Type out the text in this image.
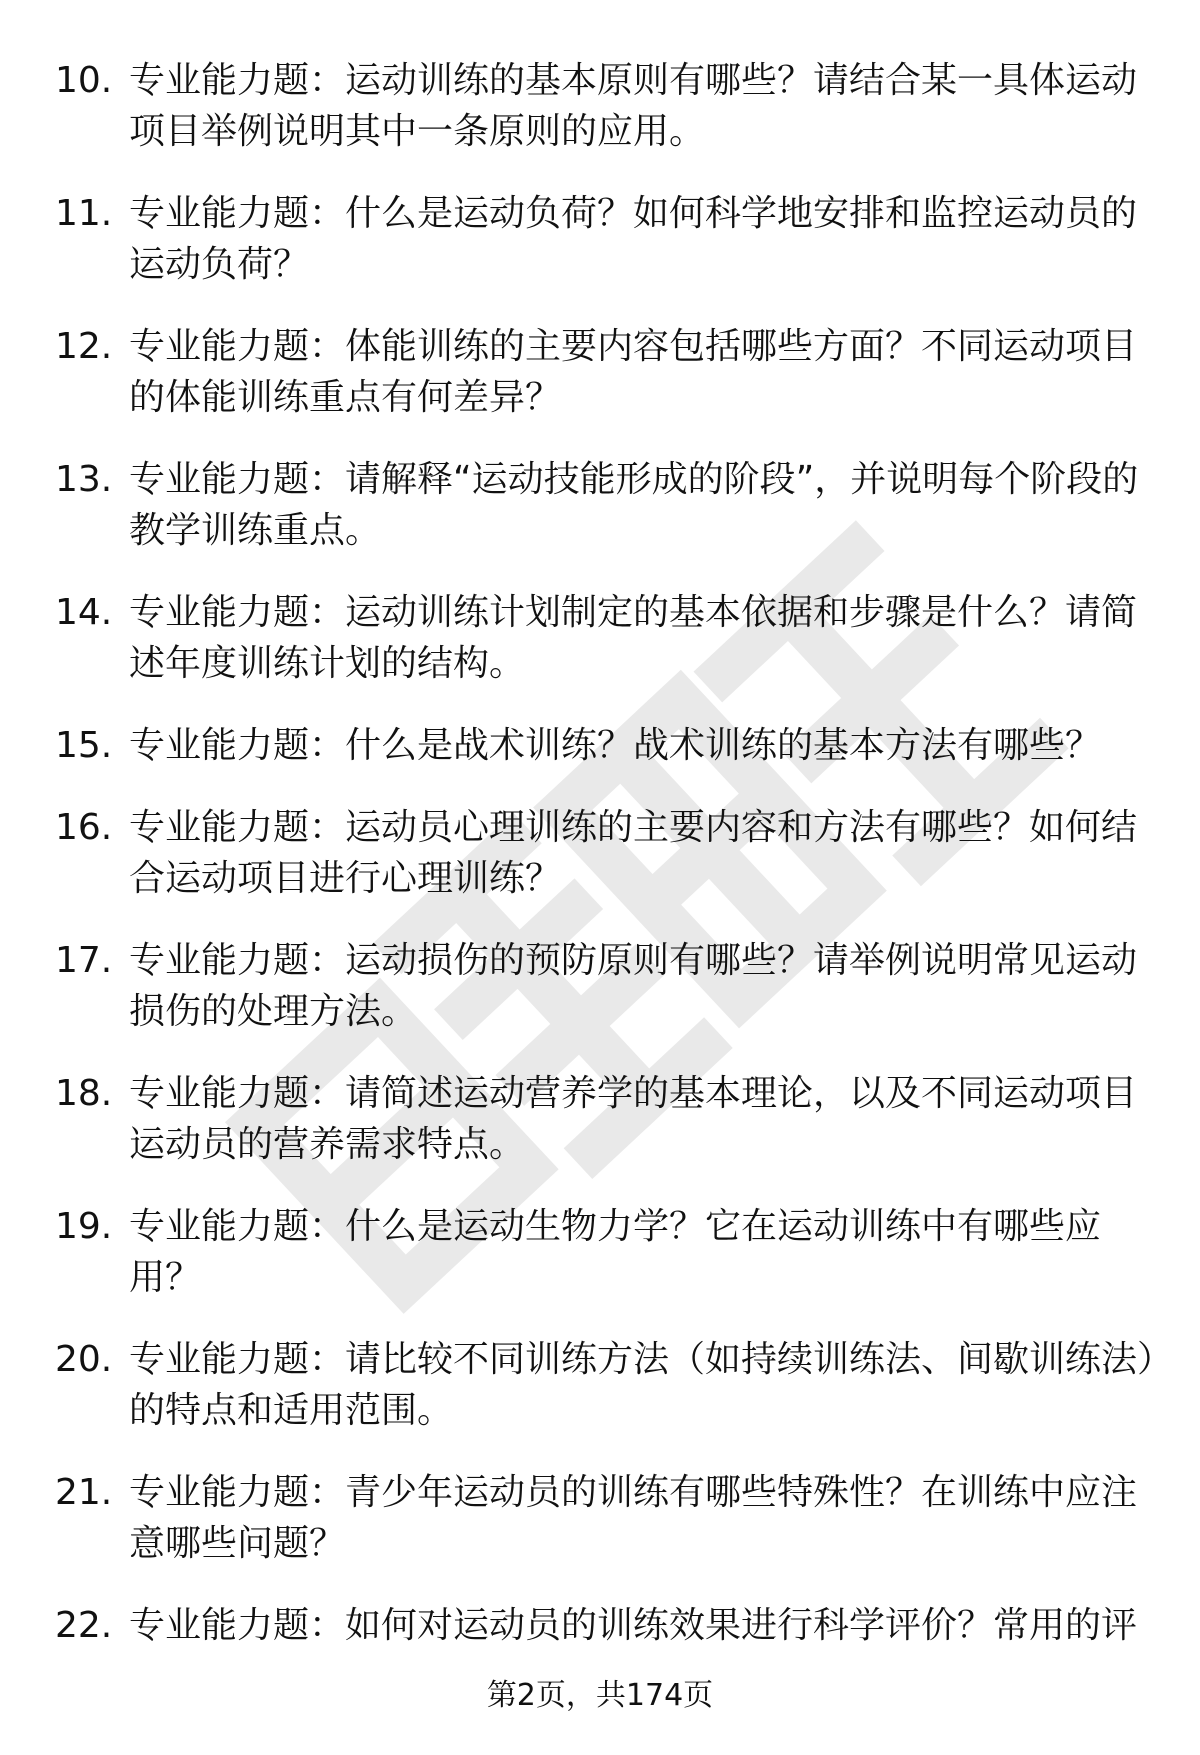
10. 专业能力题：运动训练的基本原则有哪些？请结合某一具体运动项目举例说明其中一条原则的应用。
11. 专业能力题：什么是运动负荷？如何科学地安排和监控运动员的运动负荷？
12. 专业能力题：体能训练的主要内容包括哪些方面？不同运动项目的体能训练重点有何差异？
13. 专业能力题：请解释“运动技能形成的阶段”，并说明每个阶段的教学训练重点。
14. 专业能力题：运动训练计划制定的基本依据和步骤是什么？请简述年度训练计划的结构。
15. 专业能力题：什么是战术训练？战术训练的基本方法有哪些？
16. 专业能力题：运动员心理训练的主要内容和方法有哪些？如何结合运动项目进行心理训练？
17. 专业能力题：运动损伤的预防原则有哪些？请举例说明常见运动损伤的处理方法。
18. 专业能力题：请简述运动营养学的基本理论，以及不同运动项目运动员的营养需求特点。
19. 专业能力题：什么是运动生物力学？它在运动训练中有哪些应用？
20. 专业能力题：请比较不同训练方法（如持续训练法、间歇训练法）的特点和适用范围。
21. 专业能力题：青少年运动员的训练有哪些特殊性？在训练中应注意哪些问题？
22. 专业能力题：如何对运动员的训练效果进行科学评价？常用的评
第2页，共174页
